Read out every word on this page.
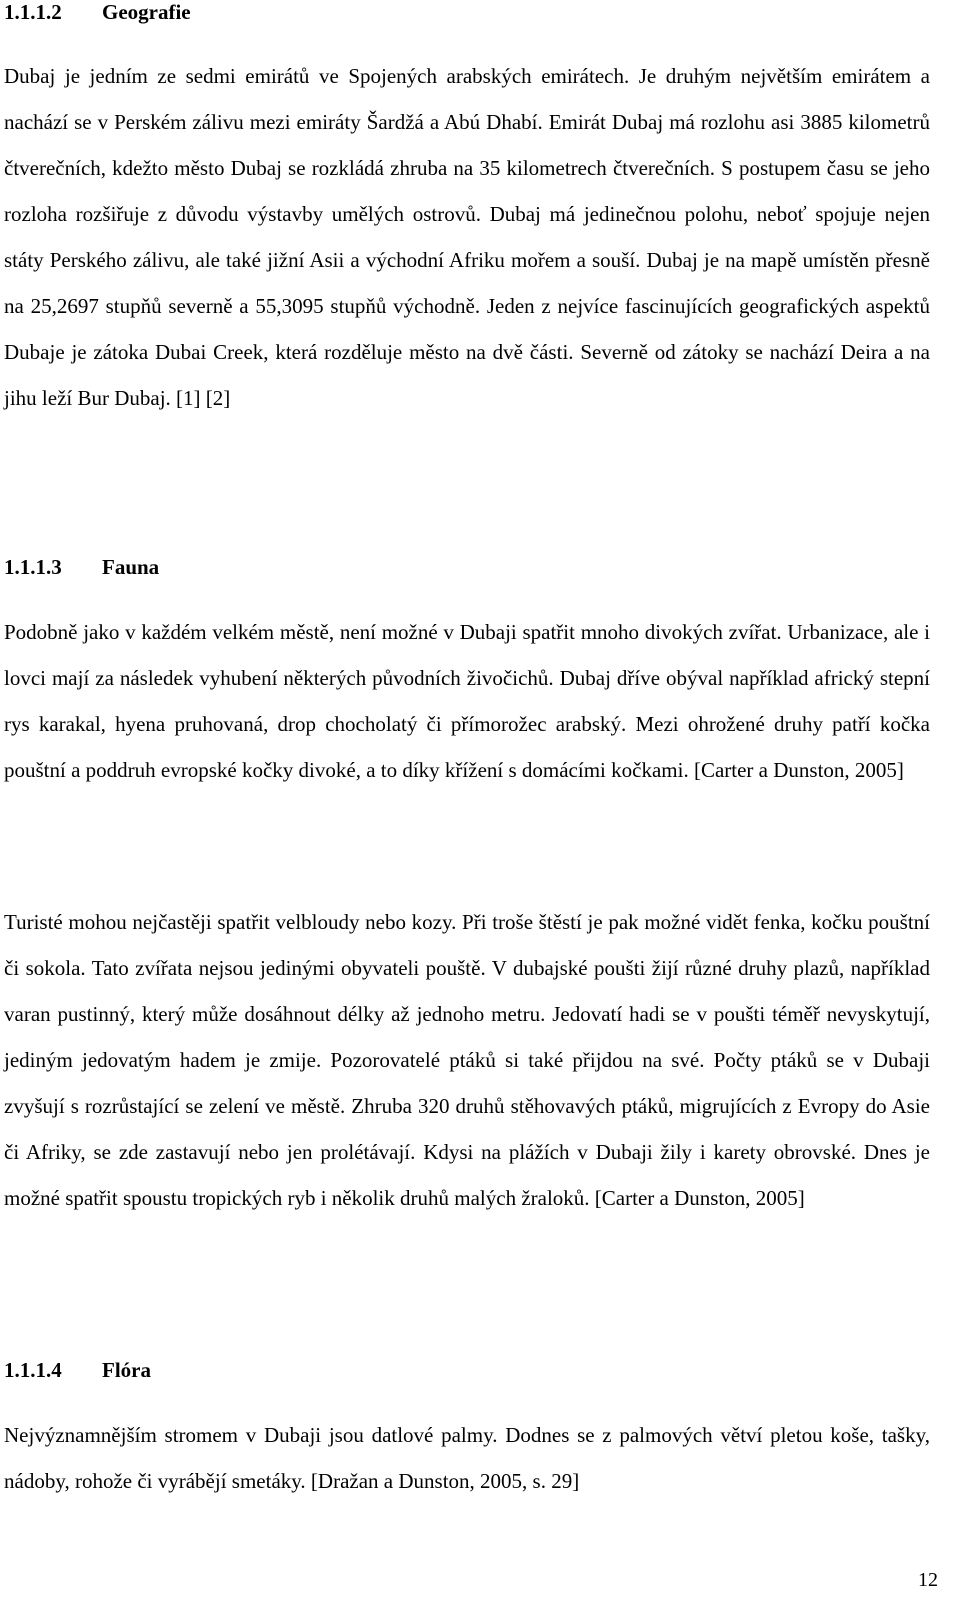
1.1.1.2 Geografie

Dubaj je jedním ze sedmi emirátů ve Spojených arabských emirátech. Je druhým největším emirátem a nachází se v Perském zálivu mezi emiráty Šardžá a Abú Dhabí. Emirát Dubaj má rozlohu asi 3885 kilometrů čtverečních, kdežto město Dubaj se rozkládá zhruba na 35 kilometrech čtverečních. S postupem času se jeho rozloha rozšiřuje z důvodu výstavby umělých ostrovů. Dubaj má jedinečnou polohu, neboť spojuje nejen státy Perského zálivu, ale také jižní Asii a východní Afriku mořem a souší. Dubaj je na mapě umístěn přesně na 25,2697 stupňů severně a 55,3095 stupňů východně. Jeden z nejvíce fascinujících geografických aspektů Dubaje je zátoka Dubai Creek, která rozděluje město na dvě části. Severně od zátoky se nachází Deira a na jihu leží Bur Dubaj. [1] [2]

1.1.1.3 Fauna

Podobně jako v každém velkém městě, není možné v Dubaji spatřit mnoho divokých zvířat. Urbanizace, ale i lovci mají za následek vyhubení některých původních živočichů. Dubaj dříve obýval například africký stepní rys karakal, hyena pruhovaná, drop chocholatý či přímorožec arabský. Mezi ohrožené druhy patří kočka pouštní a poddruh evropské kočky divoké, a to díky křížení s domácími kočkami. [Carter a Dunston, 2005]

Turisté mohou nejčastěji spatřit velbloudy nebo kozy. Při troše štěstí je pak možné vidět fenka, kočku pouštní či sokola. Tato zvířata nejsou jedinými obyvateli pouště. V dubajské poušti žijí různé druhy plazů, například varan pustinný, který může dosáhnout délky až jednoho metru. Jedovatí hadi se v poušti téměř nevyskytují, jediným jedovatým hadem je zmije. Pozorovatelé ptáků si také přijdou na své. Počty ptáků se v Dubaji zvyšují s rozrůstající se zelení ve městě. Zhruba 320 druhů stěhovavých ptáků, migrujících z Evropy do Asie či Afriky, se zde zastavují nebo jen prolétávají. Kdysi na plážích v Dubaji žily i karety obrovské. Dnes je možné spatřit spoustu tropických ryb i několik druhů malých žraloků. [Carter a Dunston, 2005]

1.1.1.4 Flóra

Nejvýznamnějším stromem v Dubaji jsou datlové palmy. Dodnes se z palmových větví pletou koše, tašky, nádoby, rohože či vyrábějí smetáky. [Dražan a Dunston, 2005, s. 29]

12
